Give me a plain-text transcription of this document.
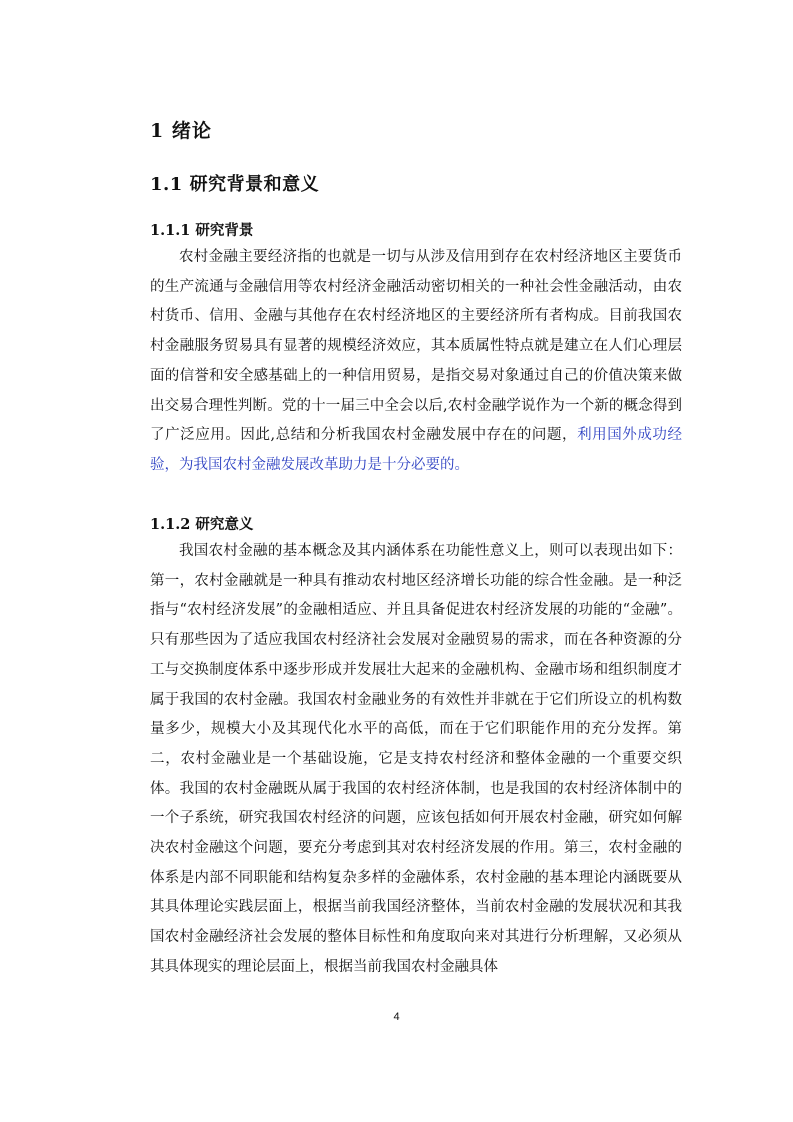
1 绪论
1.1 研究背景和意义
1.1.1 研究背景

农村金融主要经济指的也就是一切与从涉及信用到存在农村经济地区主要货币的生产流通与金融信用等农村经济金融活动密切相关的一种社会性金融活动，由农村货币、信用、金融与其他存在农村经济地区的主要经济所有者构成。目前我国农村金融服务贸易具有显著的规模经济效应，其本质属性特点就是建立在人们心理层面的信誉和安全感基础上的一种信用贸易，是指交易对象通过自己的价值决策来做出交易合理性判断。党的十一届三中全会以后,农村金融学说作为一个新的概念得到了广泛应用。因此,总结和分析我国农村金融发展中存在的问题，利用国外成功经验，为我国农村金融发展改革助力是十分必要的。

1.1.2 研究意义

我国农村金融的基本概念及其内涵体系在功能性意义上，则可以表现出如下：第一，农村金融就是一种具有推动农村地区经济增长功能的综合性金融。是一种泛指与“农村经济发展”的金融相适应、并且具备促进农村经济发展的功能的“金融”。只有那些因为了适应我国农村经济社会发展对金融贸易的需求，而在各种资源的分工与交换制度体系中逐步形成并发展壮大起来的金融机构、金融市场和组织制度才属于我国的农村金融。我国农村金融业务的有效性并非就在于它们所设立的机构数量多少，规模大小及其现代化水平的高低，而在于它们职能作用的充分发挥。第二，农村金融业是一个基础设施，它是支持农村经济和整体金融的一个重要交织体。我国的农村金融既从属于我国的农村经济体制，也是我国的农村经济体制中的一个子系统，研究我国农村经济的问题，应该包括如何开展农村金融，研究如何解决农村金融这个问题，要充分考虑到其对农村经济发展的作用。第三，农村金融的体系是内部不同职能和结构复杂多样的金融体系，农村金融的基本理论内涵既要从其具体理论实践层面上，根据当前我国经济整体，当前农村金融的发展状况和其我国农村金融经济社会发展的整体目标性和角度取向来对其进行分析理解，又必须从其具体现实的理论层面上，根据当前我国农村金融具体

4
